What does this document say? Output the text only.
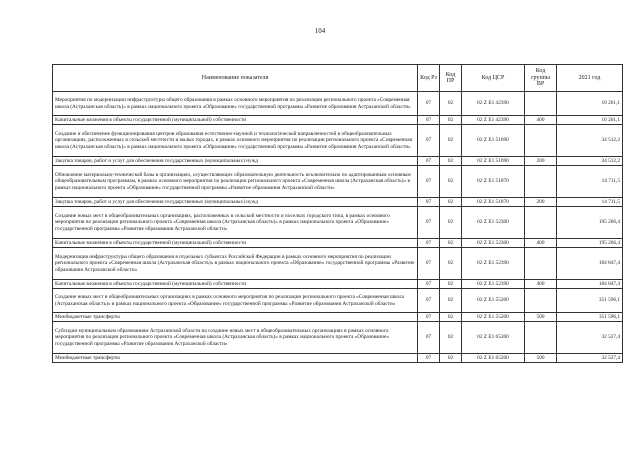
104
Наименование показателя	Код Рз	Код ПР	Код ЦСР	Код группы ВР	2021 год
Мероприятия по модернизации инфраструктуры общего образования в рамках основного мероприятия по реализации регионального проекта «Современная школа (Астраханская область)» в рамках национального проекта «Образование» государственной программы «Развитие образования Астраханской области»	07	02	02 Z E1 42390		10 261,1
Капитальные вложения в объекты государственной (муниципальной) собственности	07	02	02 Z E1 42390	400	10 261,1
Создание и обеспечение функционирования центров образования естественно-научной и технологической направленностей в общеобразовательных организациях, расположенных в сельской местности и малых городах, в рамках основного мероприятия по реализации регионального проекта «Современная школа (Астраханская область)» в рамках национального проекта «Образование» государственной программы «Развитие образования Астраханской области»	07	02	02 Z E1 51690		34 512,2
Закупка товаров, работ и услуг для обеспечения государственных (муниципальных) нужд	07	02	02 Z E1 51690	200	34 512,2
Обновление материально-технической базы в организациях, осуществляющих образовательную деятельность исключительно по адаптированным основным общеобразовательным программам, в рамках основного мероприятия по реализации регионального проекта «Современная школа (Астраханская область)» в рамках национального проекта «Образование» государственной программы «Развитие образования Астраханской области»	07	02	02 Z E1 51870		14 711,5
Закупка товаров, работ и услуг для обеспечения государственных (муниципальных) нужд	07	02	02 Z E1 51870	200	14 711,5
Создание новых мест в общеобразовательных организациях, расположенных в сельской местности и поселках городского типа, в рамках основного мероприятия по реализации регионального проекта «Современная школа (Астраханская область)» в рамках национального проекта «Образование» государственной программы «Развитие образования Астраханской области»	07	02	02 Z E1 52300		195 266,4
Капитальные вложения в объекты государственной (муниципальной) собственности	07	02	02 Z E1 52300	400	195 266,4
Модернизация инфраструктуры общего образования в отдельных субъектах Российской Федерации в рамках основного мероприятия по реализации регионального проекта «Современная школа (Астраханская область)» в рамках национального проекта «Образование» государственной программы «Развитие образования Астраханской области»	07	02	02 Z E1 52390		184 847,4
Капитальные вложения в объекты государственной (муниципальной) собственности	07	02	02 Z E1 52390	400	184 847,4
Создание новых мест в общеобразовательных организациях в рамках основного мероприятия по реализации регионального проекта «Современная школа (Астраханская область)» в рамках национального проекта «Образование» государственной программы «Развитие образования Астраханской области»	07	02	02 Z E1 55200		351 596,1
Межбюджетные трансферты	07	02	02 Z E1 55200	500	351 596,1
Субсидии муниципальным образованиям Астраханской области на создание новых мест в общеобразовательных организациях в рамках основного мероприятия по реализации регионального проекта «Современная школа (Астраханская область)» в рамках национального проекта «Образование» государственной программы «Развитие образования Астраханской области»	07	02	02 Z E1 65200		32 527,4
Межбюджетные трансферты	07	02	02 Z E1 65200	500	32 527,4
